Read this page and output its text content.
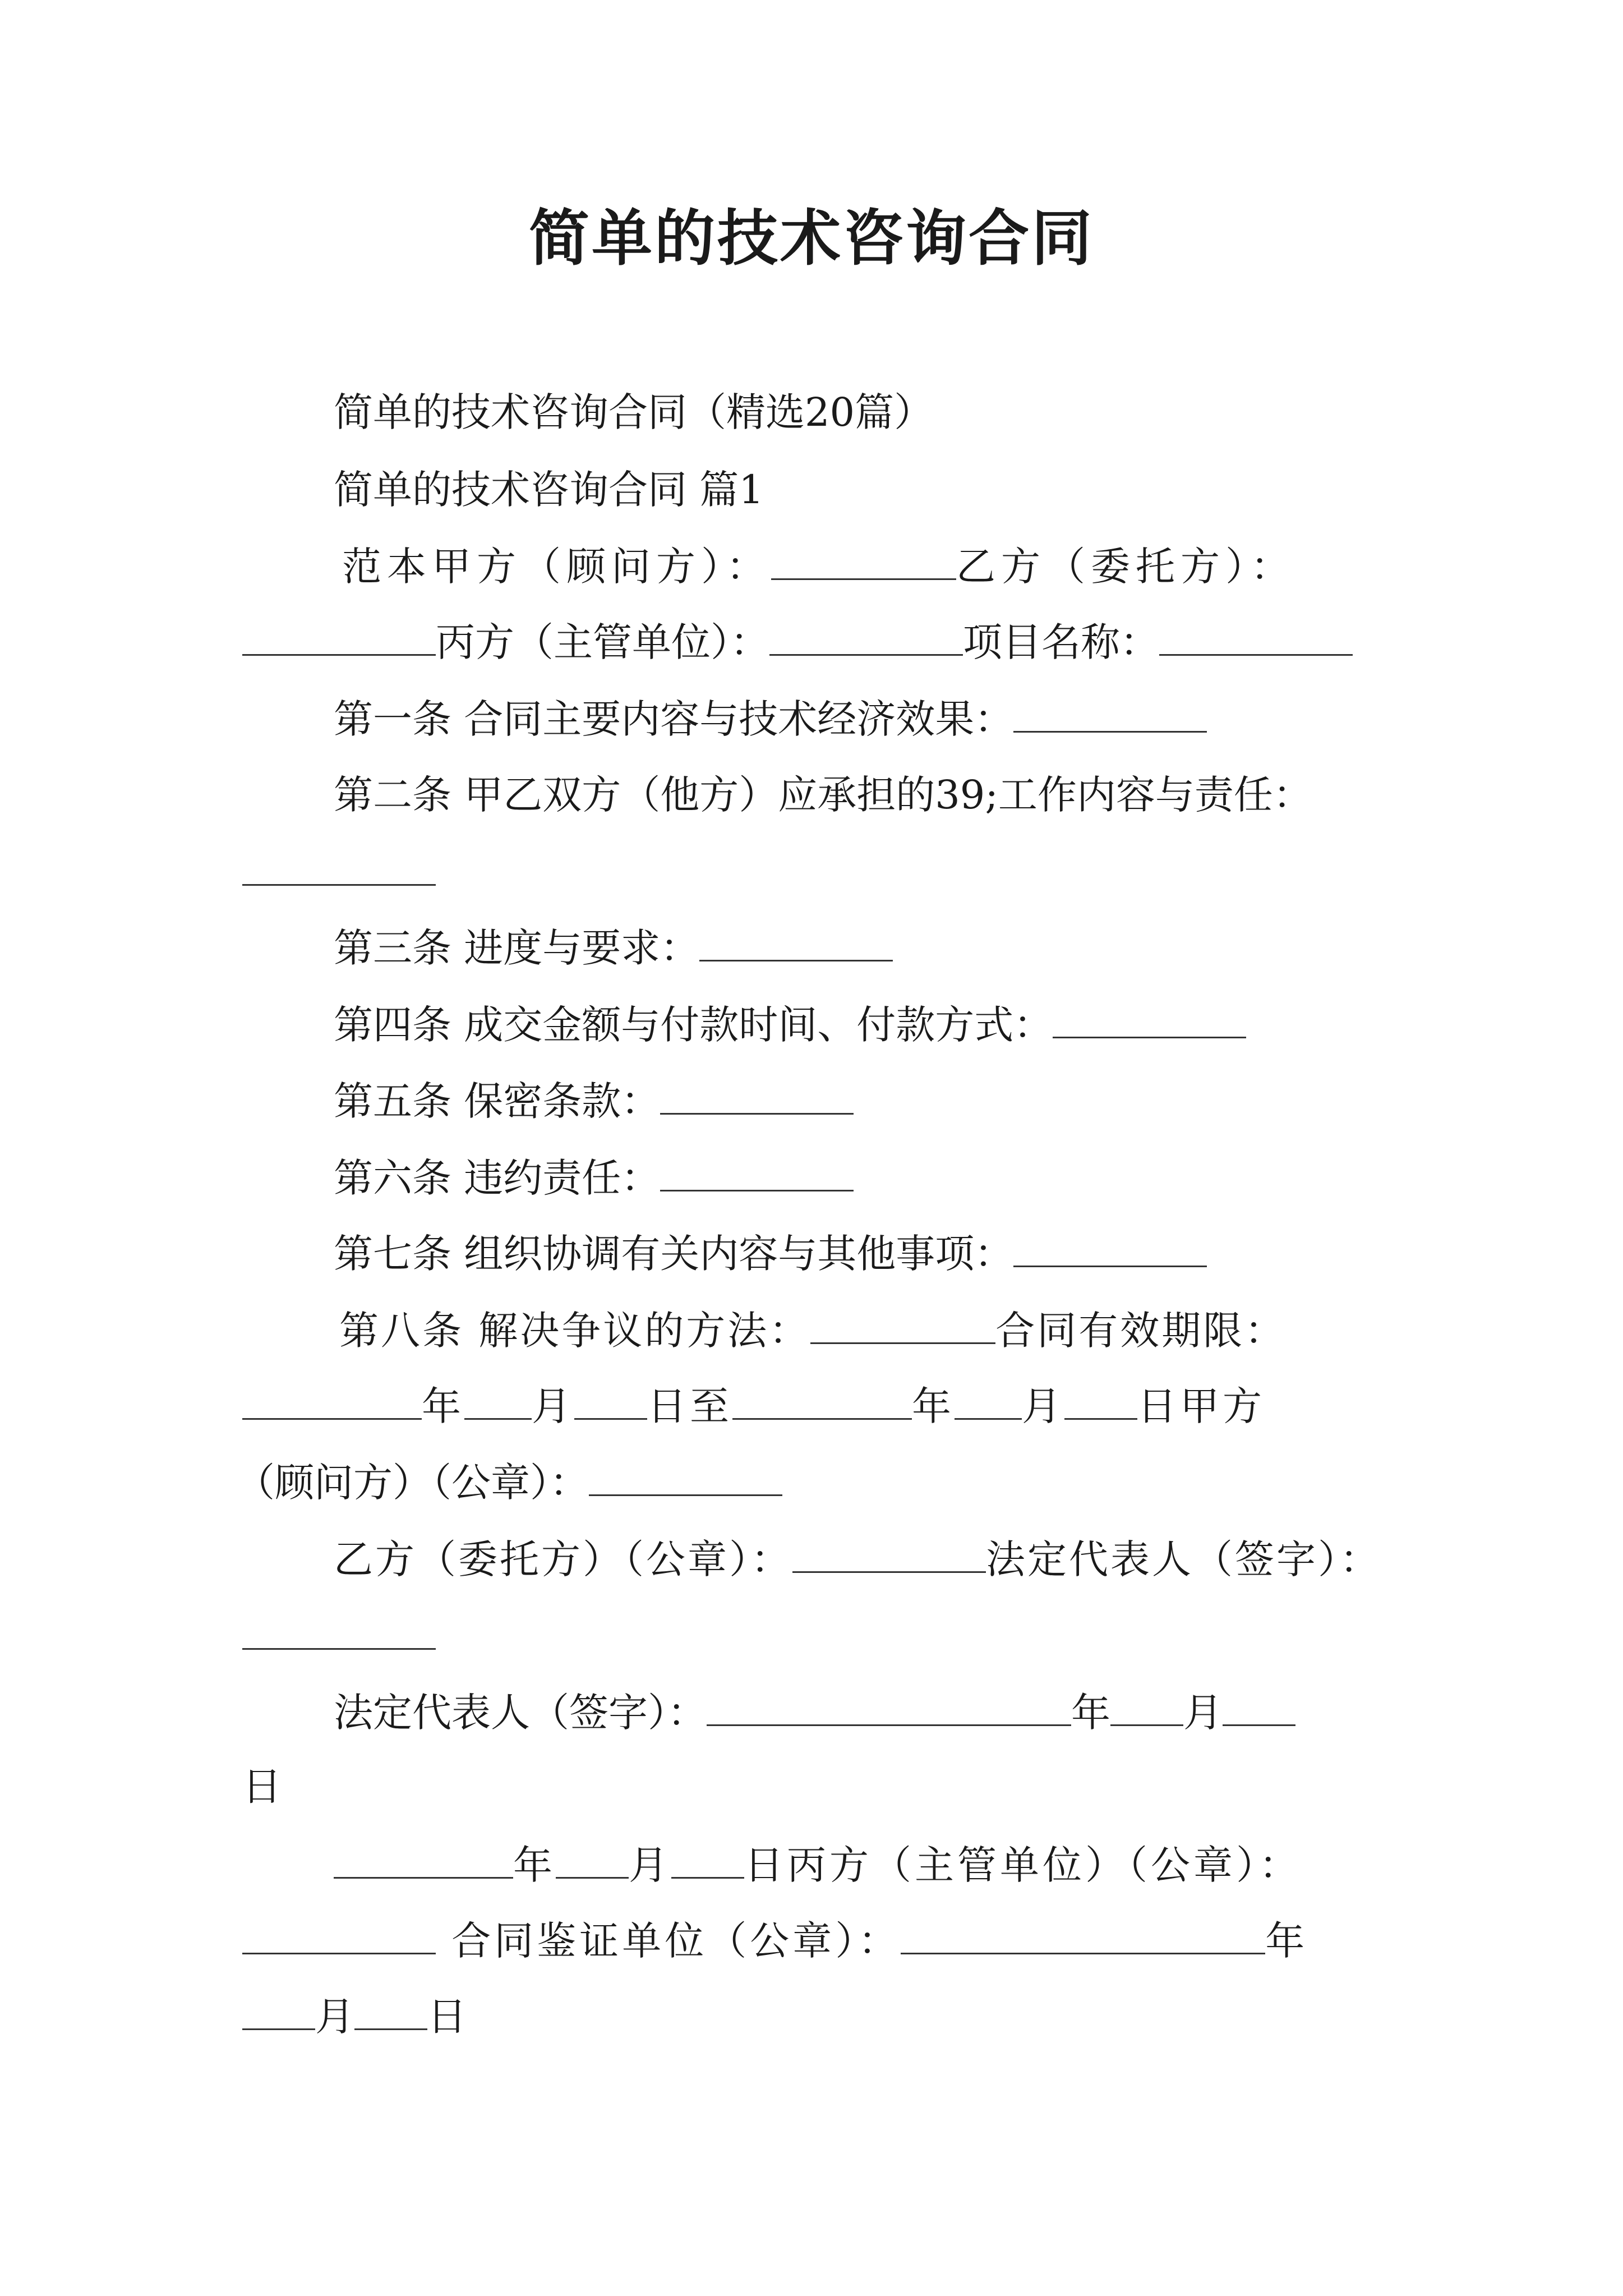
简单的技术咨询合同
简单的技术咨询合同（精选20篇）
简单的技术咨询合同 篇1
范本甲方（顾问方）：	乙方（委托方）：
丙方（主管单位）：	项目名称：
第一条 合同主要内容与技术经济效果：
第二条 甲乙双方（他方）应承担的39;工作内容与责任：
第三条 进度与要求：
第四条 成交金额与付款时间、付款方式：
第五条 保密条款：
第六条 违约责任：
第七条 组织协调有关内容与其他事项：
第八条 解决争议的方法：	合同有效期限：
年 月 日至	年 月 日甲方
（顾问方）（公章）：
乙方（委托方）（公章）：	法定代表人（签字）：
法定代表人（签字）：	年 月
日
年 月 日丙方（主管单位）（公章）：
合同鉴证单位（公章）：	年
月 日
